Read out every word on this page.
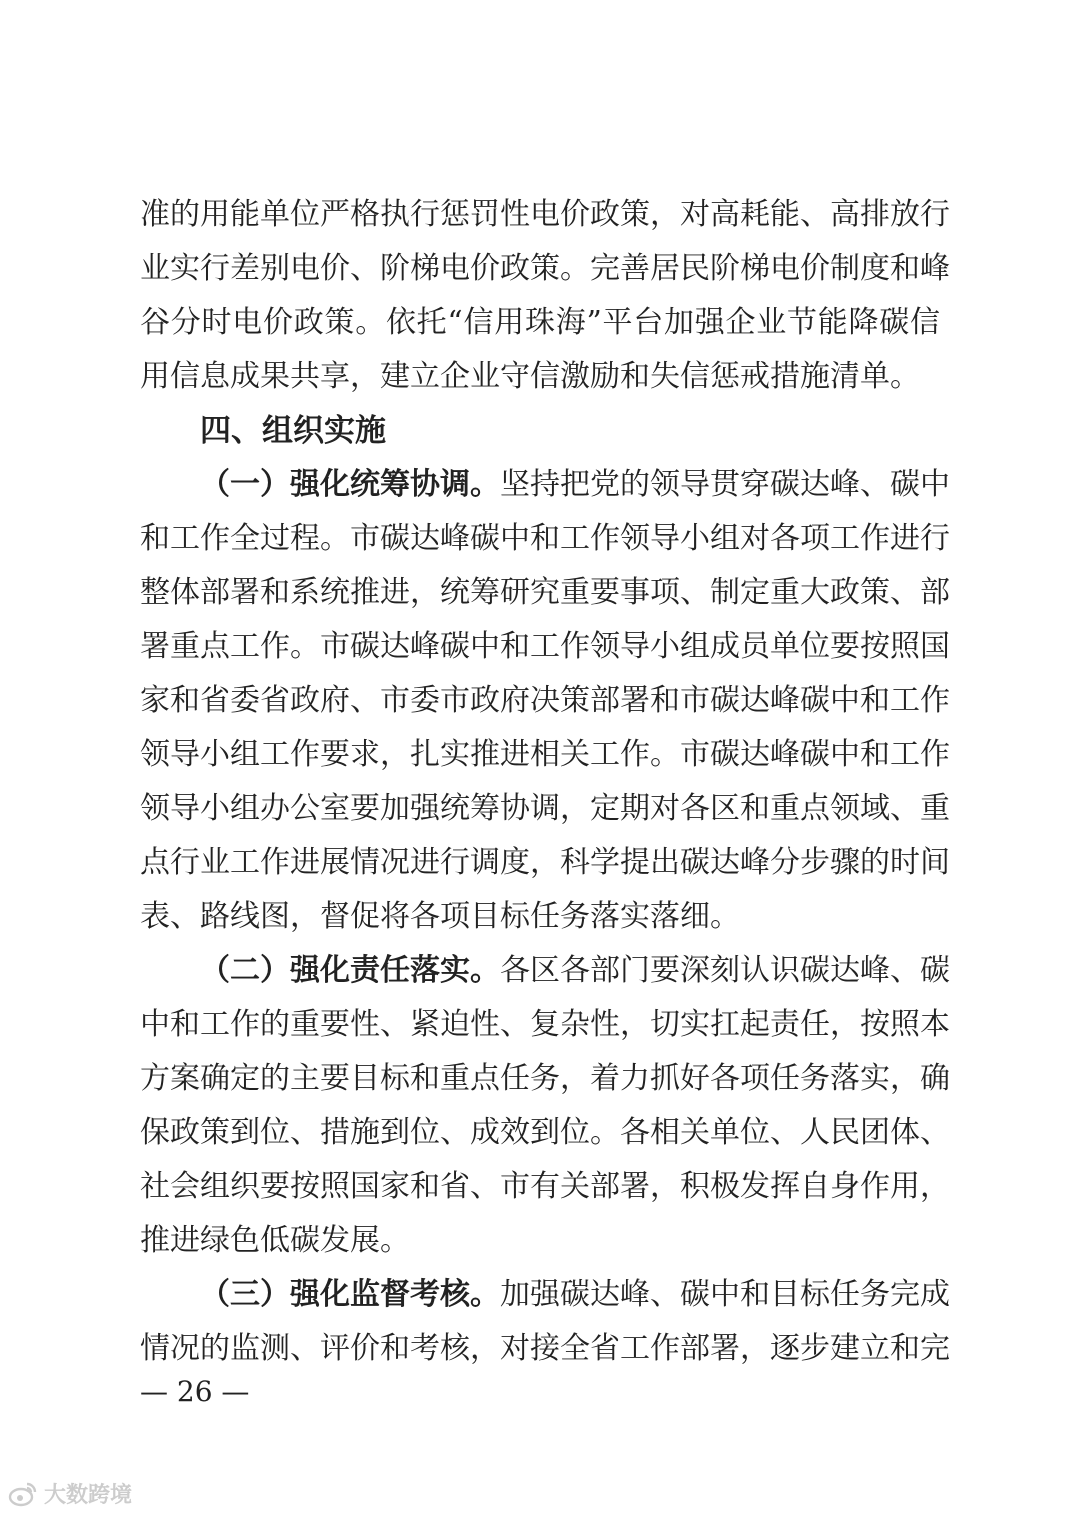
准的用能单位严格执行惩罚性电价政策，对高耗能、高排放行
业实行差别电价、阶梯电价政策。完善居民阶梯电价制度和峰
谷分时电价政策。依托“信用珠海”平台加强企业节能降碳信
用信息成果共享，建立企业守信激励和失信惩戒措施清单。
四、组织实施
（一）强化统筹协调。坚持把党的领导贯穿碳达峰、碳中
和工作全过程。市碳达峰碳中和工作领导小组对各项工作进行
整体部署和系统推进，统筹研究重要事项、制定重大政策、部
署重点工作。市碳达峰碳中和工作领导小组成员单位要按照国
家和省委省政府、市委市政府决策部署和市碳达峰碳中和工作
领导小组工作要求，扎实推进相关工作。市碳达峰碳中和工作
领导小组办公室要加强统筹协调，定期对各区和重点领域、重
点行业工作进展情况进行调度，科学提出碳达峰分步骤的时间
表、路线图，督促将各项目标任务落实落细。
（二）强化责任落实。各区各部门要深刻认识碳达峰、碳
中和工作的重要性、紧迫性、复杂性，切实扛起责任，按照本
方案确定的主要目标和重点任务，着力抓好各项任务落实，确
保政策到位、措施到位、成效到位。各相关单位、人民团体、
社会组织要按照国家和省、市有关部署，积极发挥自身作用，
推进绿色低碳发展。
（三）强化监督考核。加强碳达峰、碳中和目标任务完成
情况的监测、评价和考核，对接全省工作部署，逐步建立和完
— 26 —
大数跨境
